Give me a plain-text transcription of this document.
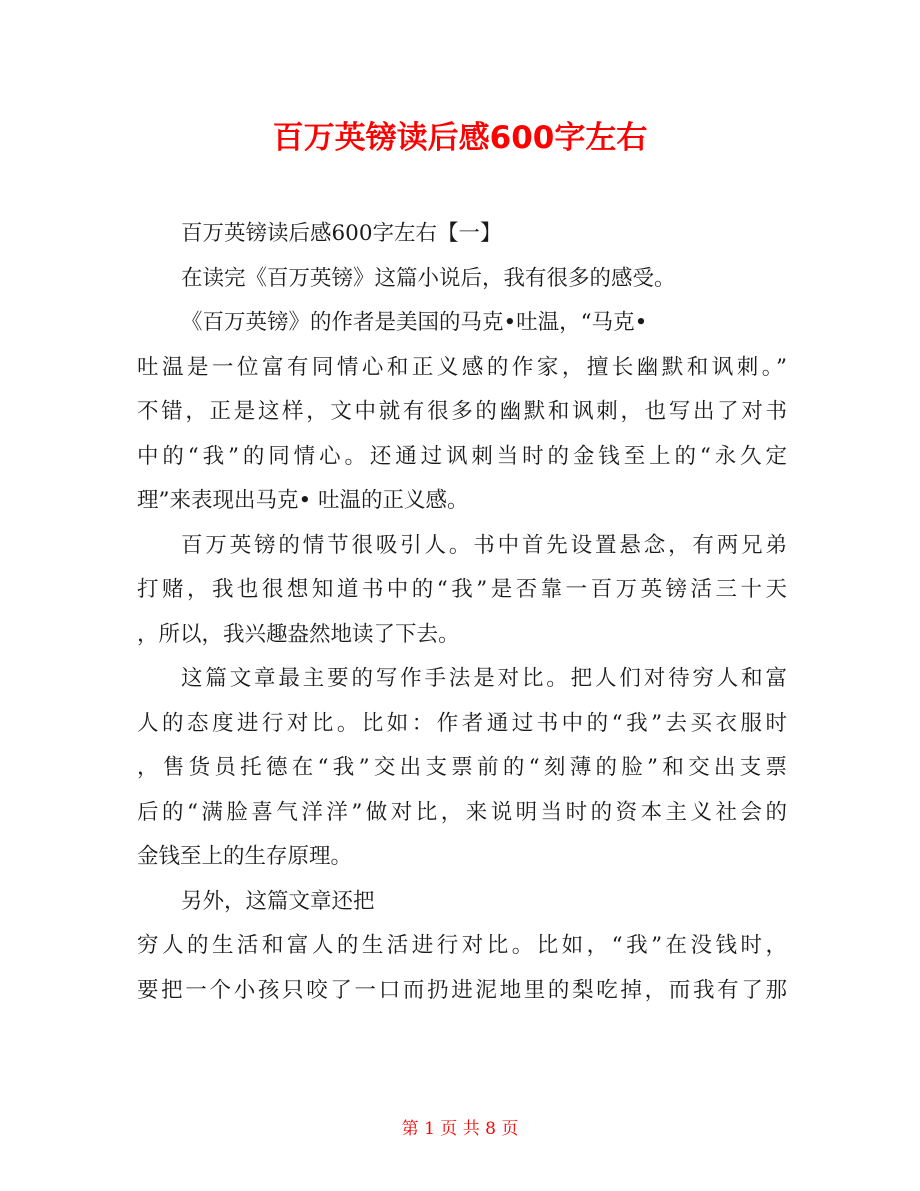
百万英镑读后感600字左右
百万英镑读后感600字左右【一】
在读完《百万英镑》这篇小说后，我有很多的感受。
《百万英镑》的作者是美国的马克•吐温，“马克•
吐温是一位富有同情心和正义感的作家，擅长幽默和讽刺。”
不错，正是这样，文中就有很多的幽默和讽刺，也写出了对书
中的“我”的同情心。还通过讽刺当时的金钱至上的“永久定
理”来表现出马克• 吐温的正义感。
百万英镑的情节很吸引人。书中首先设置悬念，有两兄弟
打赌，我也很想知道书中的“我”是否靠一百万英镑活三十天
，所以，我兴趣盎然地读了下去。
这篇文章最主要的写作手法是对比。把人们对待穷人和富
人的态度进行对比。比如：作者通过书中的“我”去买衣服时
，售货员托德在“我”交出支票前的“刻薄的脸”和交出支票
后的“满脸喜气洋洋”做对比，来说明当时的资本主义社会的
金钱至上的生存原理。
另外，这篇文章还把
穷人的生活和富人的生活进行对比。比如，“我”在没钱时，
要把一个小孩只咬了一口而扔进泥地里的梨吃掉，而我有了那
第 1 页 共 8 页
